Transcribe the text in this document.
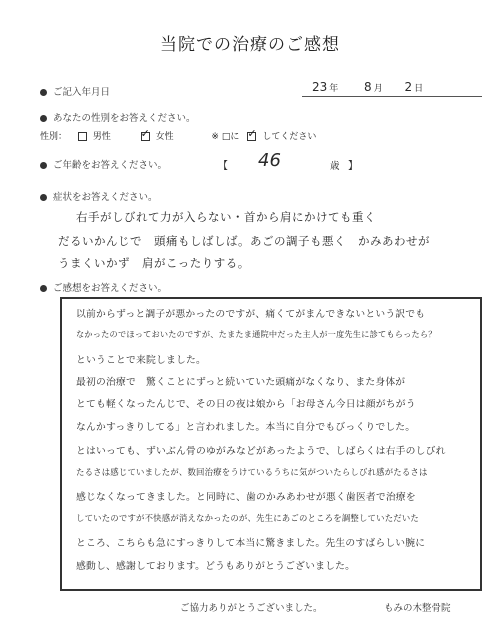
当院での治療のご感想
ご記入年月日	23 年 8 月 2 日
あなたの性別をお答えください。
性別：	男性 ✓	女性	※ □に ✓	してください
ご年齢をお答えください。	【 46	歳 】
症状をお答えください。
右手がしびれて力が入らない・首から肩にかけても重く
だるいかんじで　頭痛もしばしば。あごの調子も悪く　かみあわせが
うまくいかず　肩がこったりする。
ご感想をお答えください。
以前からずっと調子が悪かったのですが、痛くてがまんできないという訳でも
なかったのでほっておいたのですが、たまたま通院中だった主人が一度先生に診てもらったら？
ということで来院しました。
最初の治療で　驚くことにずっと続いていた頭痛がなくなり、また身体が
とても軽くなったんじで、その日の夜は娘から「お母さん今日は顔がちがう
なんかすっきりしてる」と言われました。本当に自分でもびっくりでした。
とはいっても、ずいぶん骨のゆがみなどがあったようで、しばらくは右手のしびれ
たるさは感じていましたが、数回治療をうけているうちに気がついたらしびれ感がたるさは
感じなくなってきました。と同時に、歯のかみあわせが悪く歯医者で治療を
していたのですが不快感が消えなかったのが、先生にあごのところを調整していただいた
ところ、こちらも急にすっきりして本当に驚きました。先生のすばらしい腕に
感動し、感謝しております。どうもありがとうございました。
ご協力ありがとうございました。	もみの木整骨院
